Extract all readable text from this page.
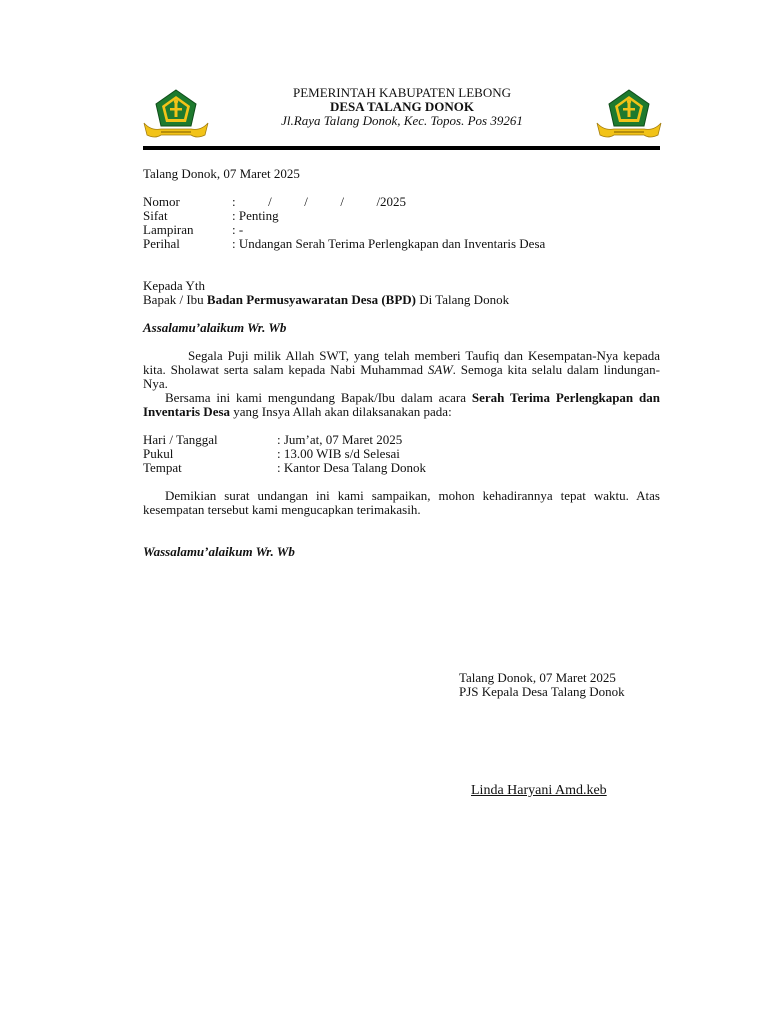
PEMERINTAH KABUPATEN LEBONG
DESA TALANG DONOK
Jl.Raya Talang Donok, Kec. Topos. Pos 39261
Talang Donok, 07 Maret 2025
Nomor	:          /          /          /          /2025
Sifat	: Penting
Lampiran	: -
Perihal	: Undangan Serah Terima Perlengkapan dan Inventaris Desa
Kepada Yth
Bapak / Ibu Badan Permusyawaratan Desa (BPD) Di Talang Donok
Assalamu’alaikum Wr. Wb
Segala Puji milik Allah SWT, yang telah memberi Taufiq dan Kesempatan-Nya kepada kita. Sholawat serta salam kepada Nabi Muhammad SAW. Semoga kita selalu dalam lindungan-Nya.
Bersama ini kami mengundang Bapak/Ibu dalam acara Serah Terima Perlengkapan dan Inventaris Desa yang Insya Allah akan dilaksanakan pada:
Hari / Tanggal	: Jum’at, 07 Maret 2025
Pukul	: 13.00 WIB s/d Selesai
Tempat	: Kantor Desa Talang Donok
Demikian surat undangan ini kami sampaikan, mohon kehadirannya tepat waktu. Atas kesempatan tersebut kami mengucapkan terimakasih.
Wassalamu’alaikum Wr. Wb
Talang Donok, 07 Maret 2025
PJS Kepala Desa Talang Donok
Linda Haryani Amd.keb
